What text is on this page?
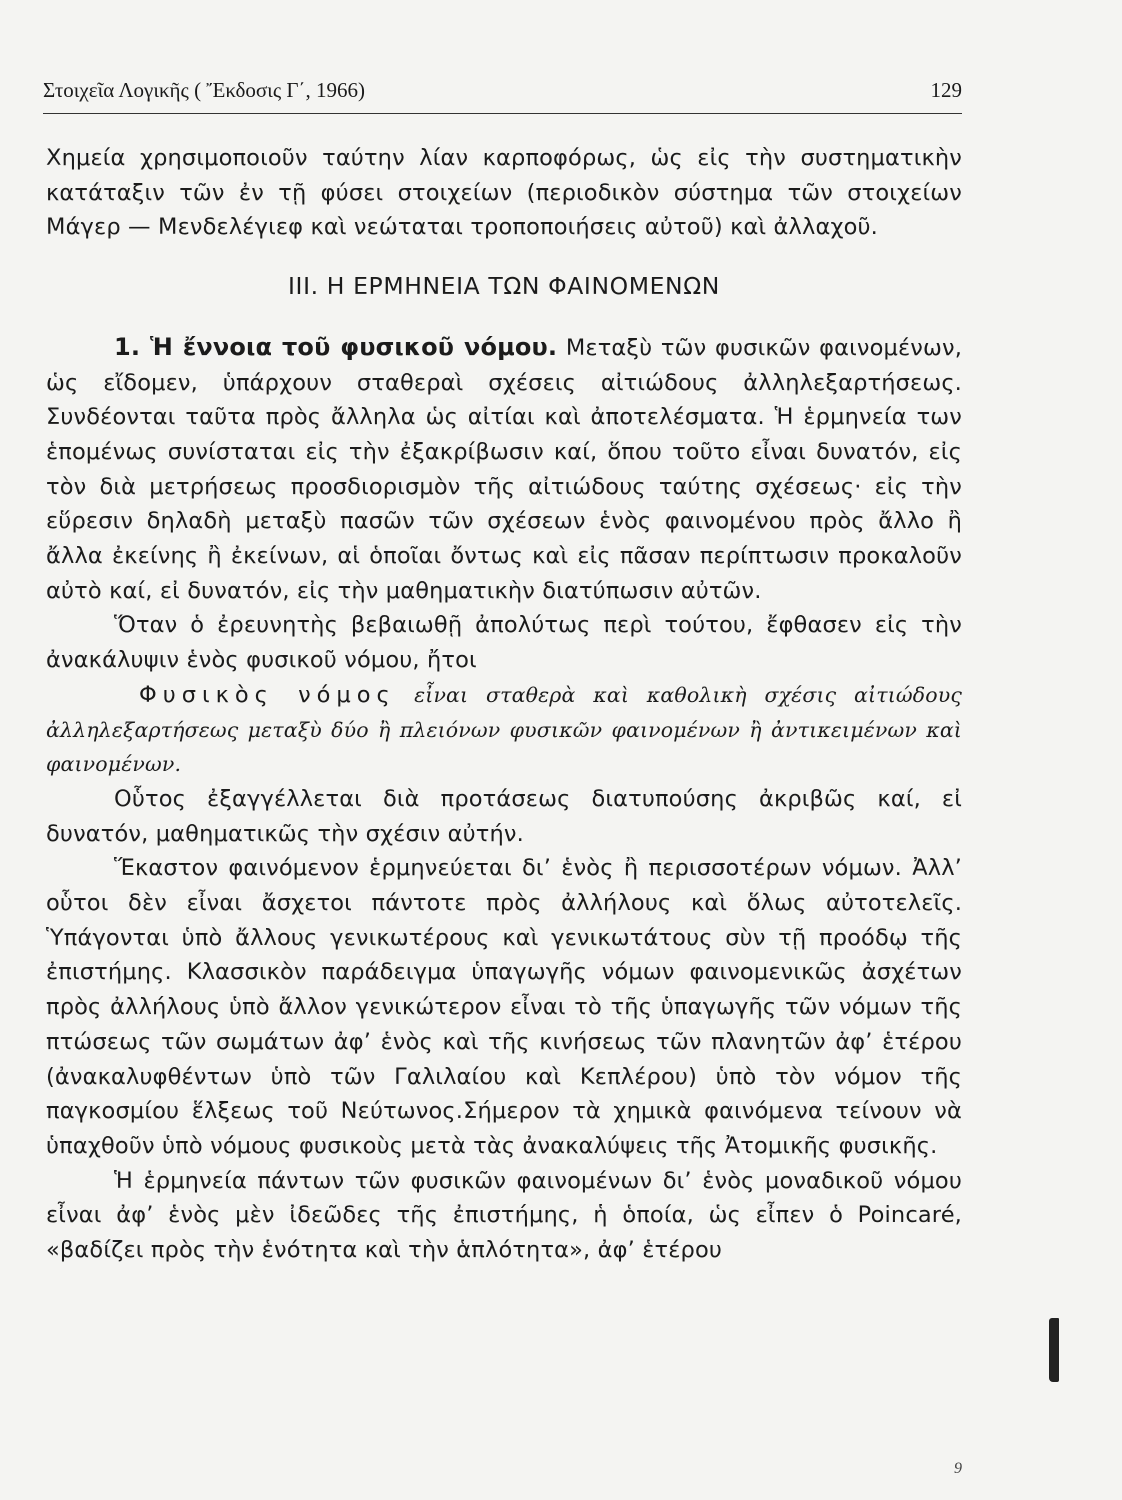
Στοιχεῖα Λογικῆς ( Ἔκδοσις Γ΄, 1966)	129

Χημεία χρησιμοποιοῦν ταύτην λίαν καρποφόρως, ὡς εἰς τὴν συστηματικὴν κατάταξιν τῶν ἐν τῇ φύσει στοιχείων (περιοδικὸν σύστημα τῶν στοιχείων Μάγερ — Μενδελέγιεφ καὶ νεώταται τροποποιήσεις αὐτοῦ) καὶ ἀλλαχοῦ.

III. Η ΕΡΜΗΝΕΙΑ ΤΩΝ ΦΑΙΝΟΜΕΝΩΝ

1. Ἡ ἔννοια τοῦ φυσικοῦ νόμου. Μεταξὺ τῶν φυσικῶν φαινομένων, ὡς εἴδομεν, ὑπάρχουν σταθεραὶ σχέσεις αἰτιώδους ἀλληλεξαρτήσεως. Συνδέονται ταῦτα πρὸς ἄλληλα ὡς αἰτίαι καὶ ἀποτελέσματα. Ἡ ἑρμηνεία των ἑπομένως συνίσταται εἰς τὴν ἐξακρίβωσιν καί, ὅπου τοῦτο εἶναι δυνατόν, εἰς τὸν διὰ μετρήσεως προσδιορισμὸν τῆς αἰτιώδους ταύτης σχέσεως· εἰς τὴν εὕρεσιν δηλαδὴ μεταξὺ πασῶν τῶν σχέσεων ἑνὸς φαινομένου πρὸς ἄλλο ἢ ἄλλα ἐκείνης ἢ ἐκείνων, αἱ ὁποῖαι ὄντως καὶ εἰς πᾶσαν περίπτωσιν προκαλοῦν αὐτὸ καί, εἰ δυνατόν, εἰς τὴν μαθηματικὴν διατύπωσιν αὐτῶν.

Ὅταν ὁ ἐρευνητὴς βεβαιωθῇ ἀπολύτως περὶ τούτου, ἔφθασεν εἰς τὴν ἀνακάλυψιν ἑνὸς φυσικοῦ νόμου, ἤτοι

Φυσικὸς νόμος εἶναι σταθερὰ καὶ καθολικὴ σχέσις αἰτιώδους ἀλληλεξαρτήσεως μεταξὺ δύο ἢ πλειόνων φυσικῶν φαινομένων ἢ ἀντικειμένων καὶ φαινομένων.

Οὗτος ἐξαγγέλλεται διὰ προτάσεως διατυπούσης ἀκριβῶς καί, εἰ δυνατόν, μαθηματικῶς τὴν σχέσιν αὐτήν.

Ἕκαστον φαινόμενον ἑρμηνεύεται δι’ ἑνὸς ἢ περισσοτέρων νόμων. Ἀλλ’ οὗτοι δὲν εἶναι ἄσχετοι πάντοτε πρὸς ἀλλήλους καὶ ὅλως αὐτοτελεῖς. Ὑπάγονται ὑπὸ ἄλλους γενικωτέρους καὶ γενικωτάτους σὺν τῇ προόδῳ τῆς ἐπιστήμης. Κλασσικὸν παράδειγμα ὑπαγωγῆς νόμων φαινομενικῶς ἀσχέτων πρὸς ἀλλήλους ὑπὸ ἄλλον γενικώτερον εἶναι τὸ τῆς ὑπαγωγῆς τῶν νόμων τῆς πτώσεως τῶν σωμάτων ἀφ’ ἑνὸς καὶ τῆς κινήσεως τῶν πλανητῶν ἀφ’ ἑτέρου (ἀνακαλυφθέντων ὑπὸ τῶν Γαλιλαίου καὶ Κεπλέρου) ὑπὸ τὸν νόμον τῆς παγκοσμίου ἕλξεως τοῦ Νεύτωνος.Σήμερον τὰ χημικὰ φαινόμενα τείνουν νὰ ὑπαχθοῦν ὑπὸ νόμους φυσικοὺς μετὰ τὰς ἀνακαλύψεις τῆς Ἀτομικῆς φυσικῆς.

Ἡ ἑρμηνεία πάντων τῶν φυσικῶν φαινομένων δι’ ἑνὸς μοναδικοῦ νόμου εἶναι ἀφ’ ἑνὸς μὲν ἰδεῶδες τῆς ἐπιστήμης, ἡ ὁποία, ὡς εἶπεν ὁ Poincaré, «βαδίζει πρὸς τὴν ἑνότητα καὶ τὴν ἁπλότητα», ἀφ’ ἑτέρου

9
